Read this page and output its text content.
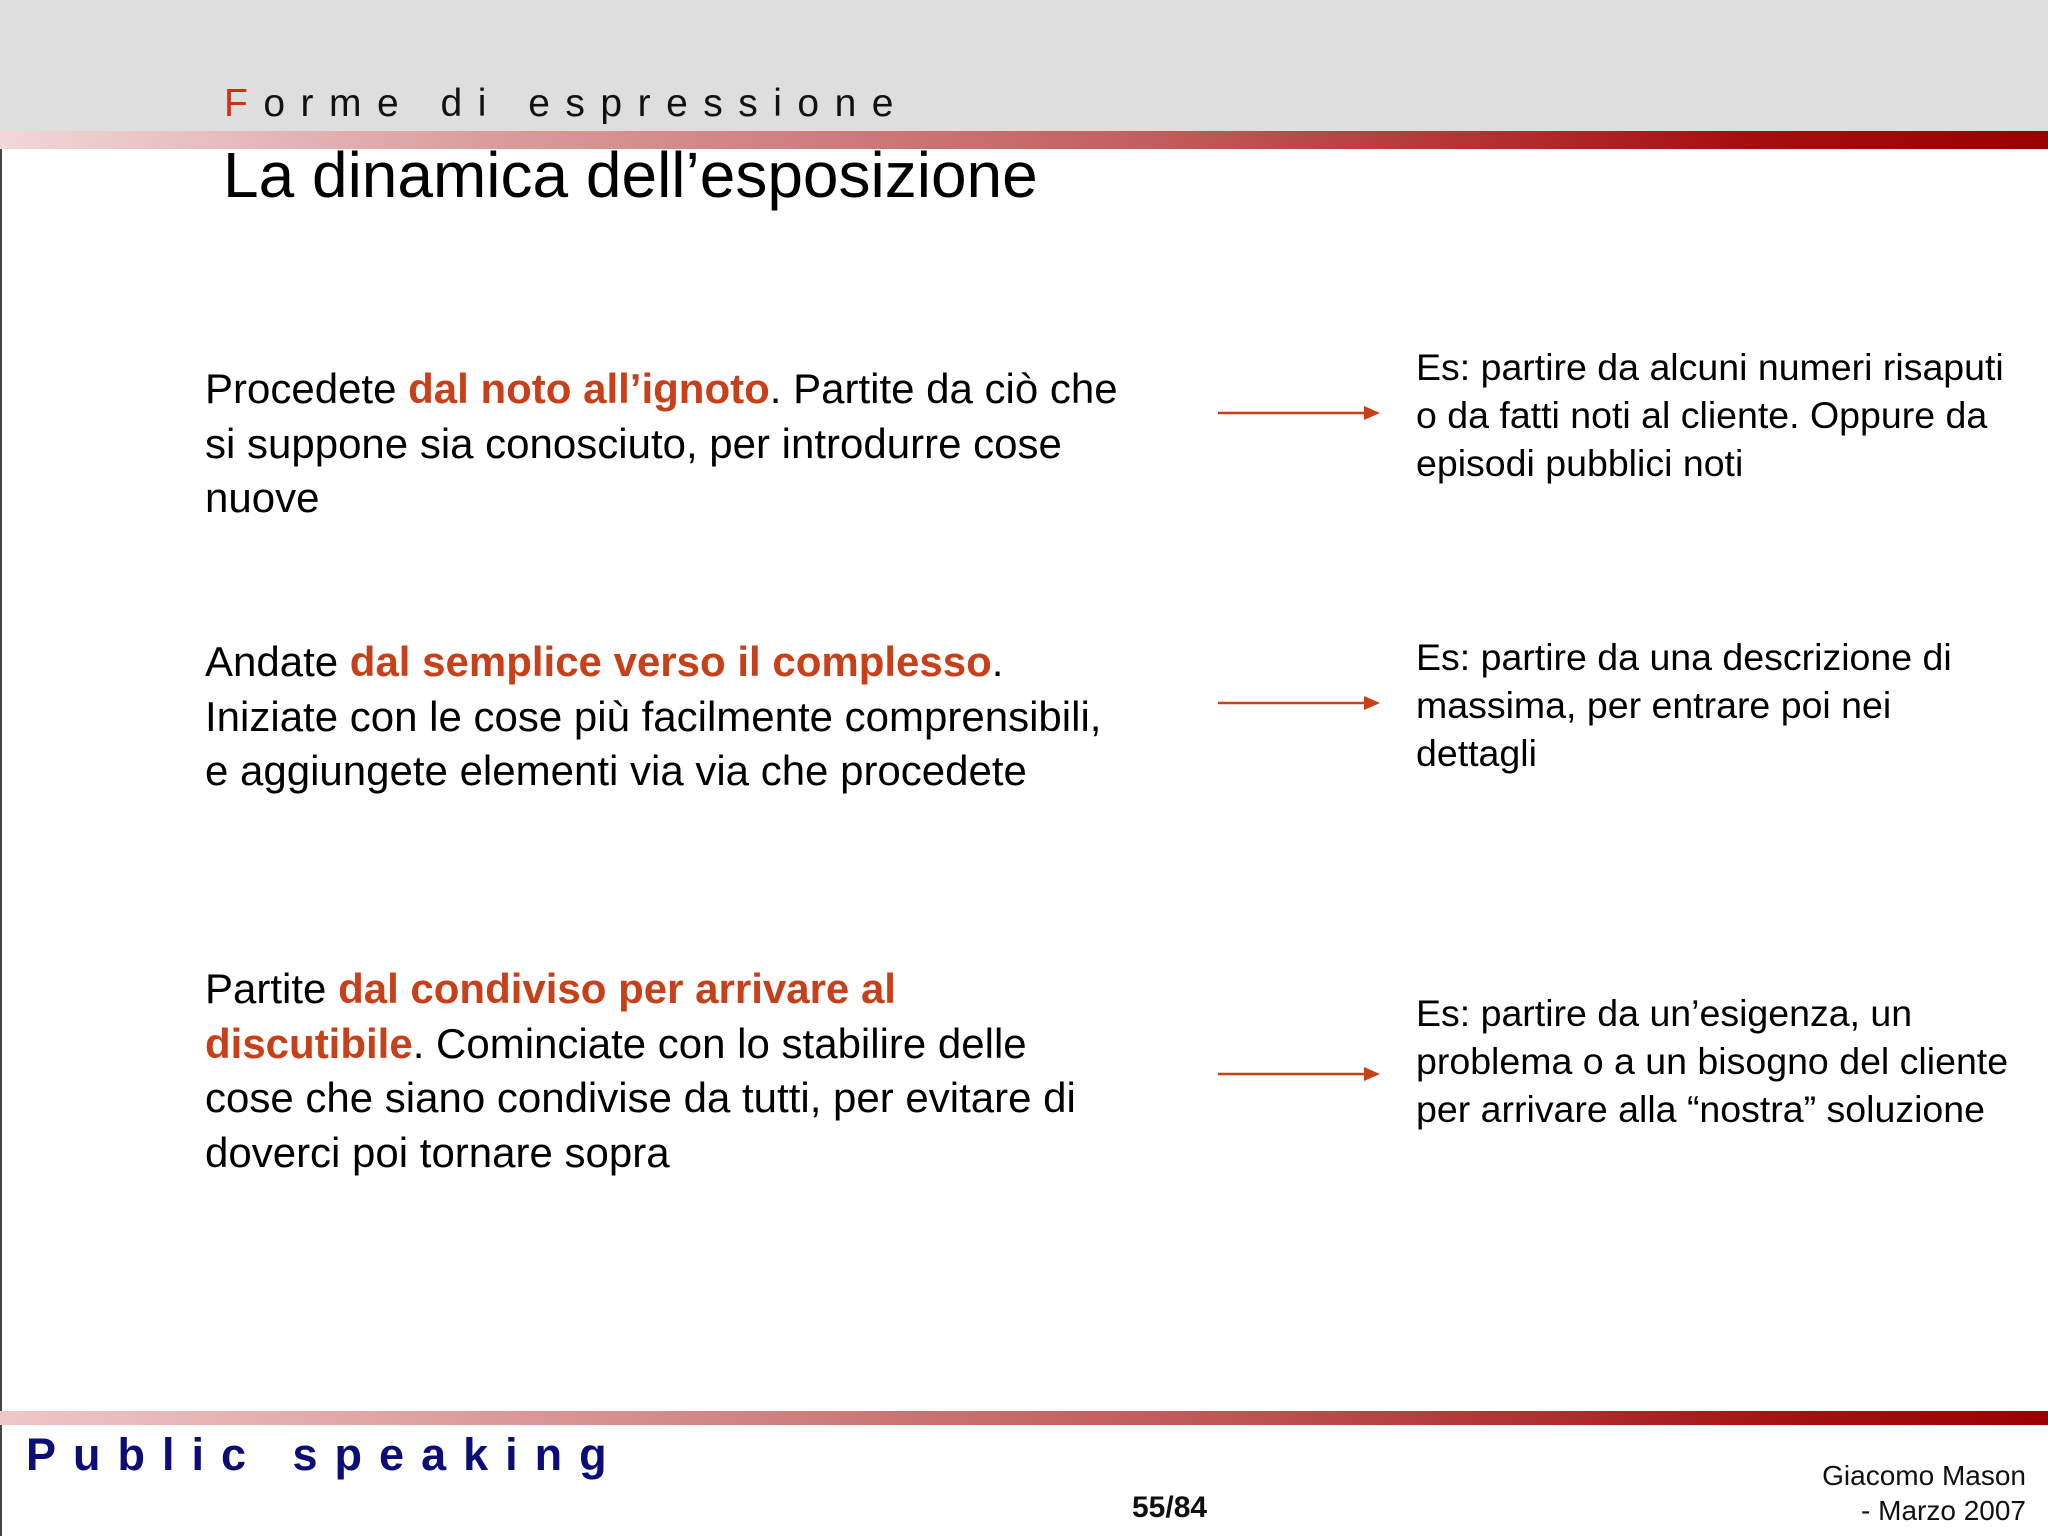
Forme di espressione
La dinamica dell’esposizione
Procedete dal noto all’ignoto. Partite da ciò che si suppone sia conosciuto, per introdurre cose nuove
Es: partire da alcuni numeri risaputi o da fatti noti al cliente. Oppure da episodi pubblici noti
Andate dal semplice verso il complesso. Iniziate con le cose più facilmente comprensibili, e aggiungete elementi via via che procedete
Es: partire da una descrizione di massima, per entrare poi nei dettagli
Partite dal condiviso per arrivare al discutibile. Cominciate con lo stabilire delle cose che siano condivise da tutti, per evitare di doverci poi tornare sopra
Es: partire da un’esigenza, un problema o a un bisogno del cliente per arrivare alla “nostra” soluzione
Public speaking
55/84
Giacomo Mason
- Marzo 2007
